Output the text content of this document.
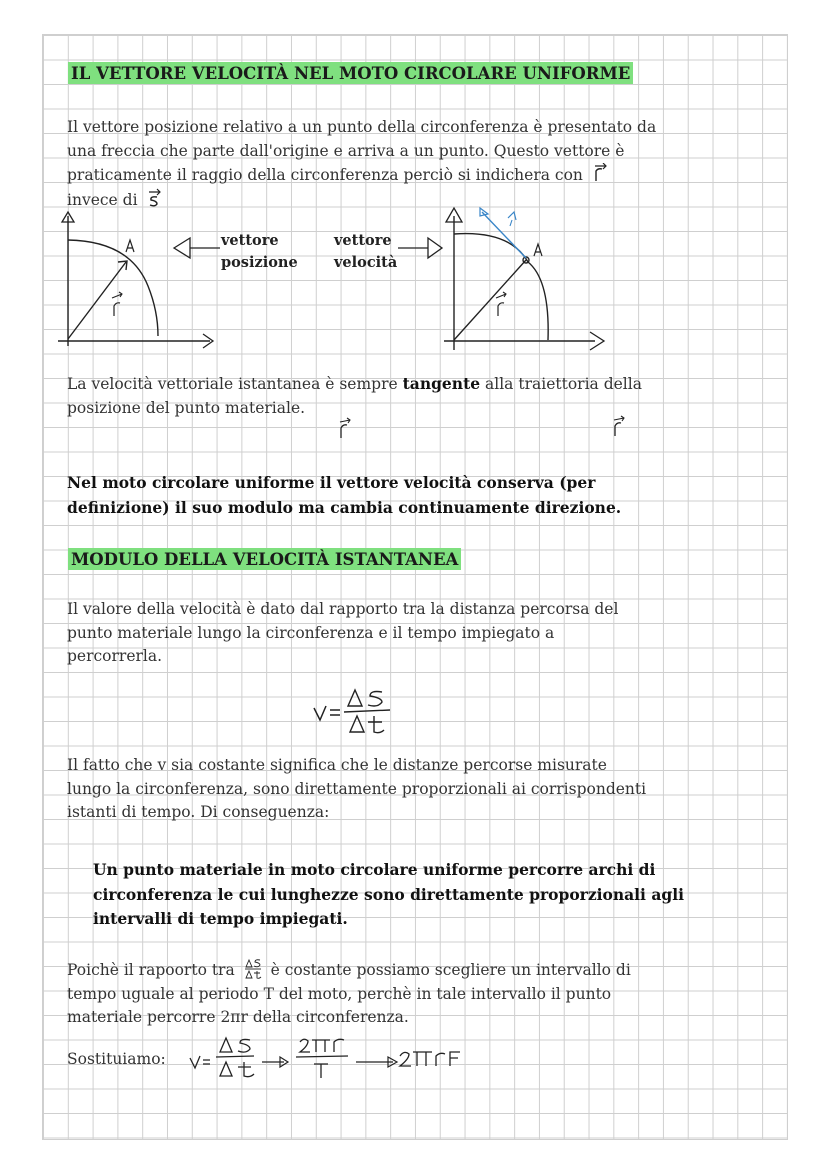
IL VETTORE VELOCITÀ NEL MOTO CIRCOLARE UNIFORME
Il vettore posizione relativo a un punto della circonferenza è presentato da
una freccia che parte dall'origine e arriva a un punto. Questo vettore è
praticamente il raggio della circonferenza perciò si indichera con
invece di
vettore
posizione
vettore
velocità
La velocità vettoriale istantanea è sempre tangente alla traiettoria della
posizione del punto materiale.
Nel moto circolare uniforme il vettore velocità conserva (per
definizione) il suo modulo ma cambia continuamente direzione.
MODULO DELLA VELOCITÀ ISTANTANEA
Il valore della velocità è dato dal rapporto tra la distanza percorsa del
punto materiale lungo la circonferenza e il tempo impiegato a
percorrerla.
Il fatto che v sia costante significa che le distanze percorse misurate
lungo la circonferenza, sono direttamente proporzionali ai corrispondenti
istanti di tempo. Di conseguenza:
Un punto materiale in moto circolare uniforme percorre archi di
circonferenza le cui lunghezze sono direttamente proporzionali agli
intervalli di tempo impiegati.
Poichè il rapoorto tra è costante possiamo scegliere un intervallo di
tempo uguale al periodo T del moto, perchè in tale intervallo il punto
materiale percorre 2πr della circonferenza.
Sostituiamo:
